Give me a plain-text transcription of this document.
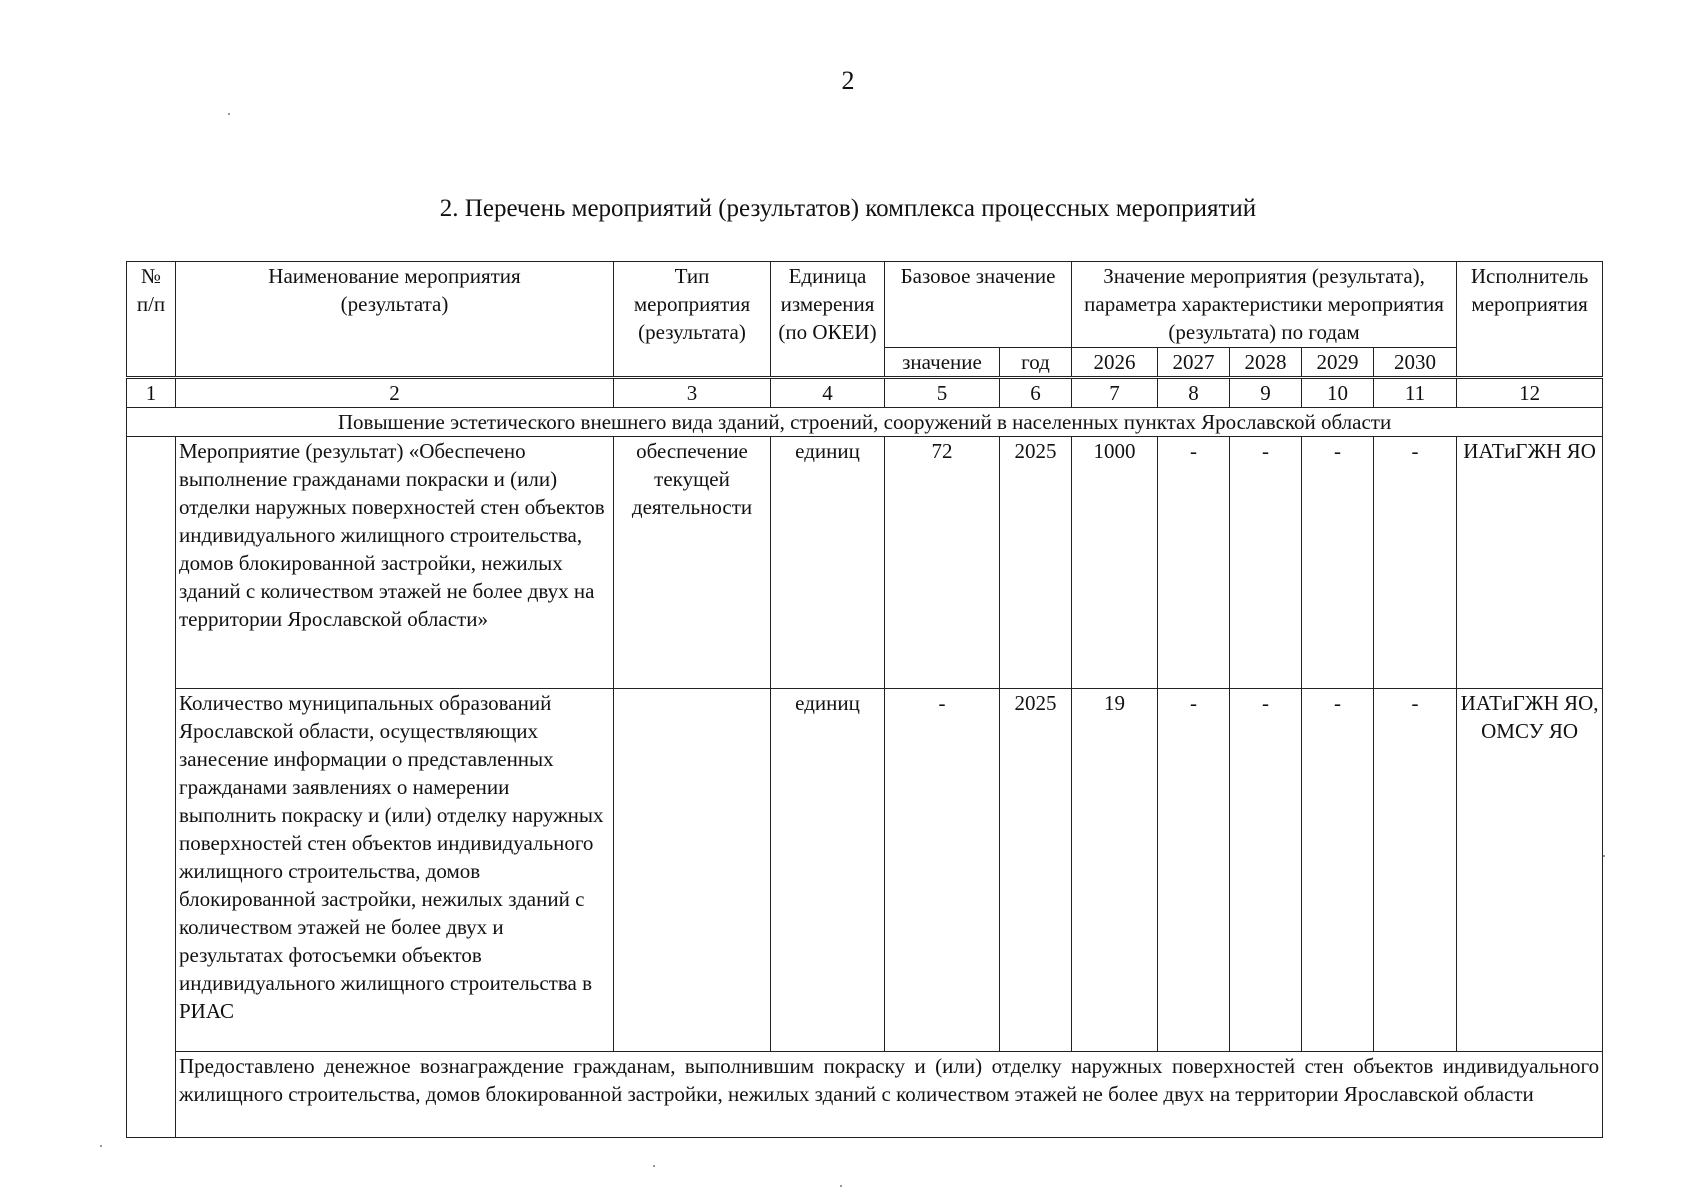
2
2. Перечень мероприятий (результатов) комплекса процессных мероприятий
№ п/п	Наименование мероприятия (результата)	Тип мероприятия (результата)	Единица измерения (по ОКЕИ)	Базовое значение		Значение мероприятия (результата), параметра характеристики мероприятия (результата) по годам					Исполнитель мероприятия
				значение	год	2026	2027	2028	2029	2030	
1	2	3	4	5	6	7	8	9	10	11	12
Повышение эстетического внешнего вида зданий, строений, сооружений в населенных пунктах Ярославской области											
	Мероприятие (результат) «Обеспечено выполнение гражданами покраски и (или) отделки наружных поверхностей стен объектов индивидуального жилищного строительства, домов блокированной застройки, нежилых зданий с количеством этажей не более двух на территории Ярославской области»	обеспечение текущей деятельности	единиц	72	2025	1000	-	-	-	-	ИАТиГЖН ЯО
	Количество муниципальных образований Ярославской области, осуществляющих занесение информации о представленных гражданами заявлениях о намерении выполнить покраску и (или) отделку наружных поверхностей стен объектов индивидуального жилищного строительства, домов блокированной застройки, нежилых зданий с количеством этажей не более двух и результатах фотосъемки объектов индивидуального жилищного строительства в РИАС		единиц	-	2025	19	-	-	-	-	ИАТиГЖН ЯО, ОМСУ ЯО
	Предоставлено денежное вознаграждение гражданам, выполнившим покраску и (или) отделку наружных поверхностей стен объектов индивидуального жилищного строительства, домов блокированной застройки, нежилых зданий с количеством этажей не более двух на территории Ярославской области										
